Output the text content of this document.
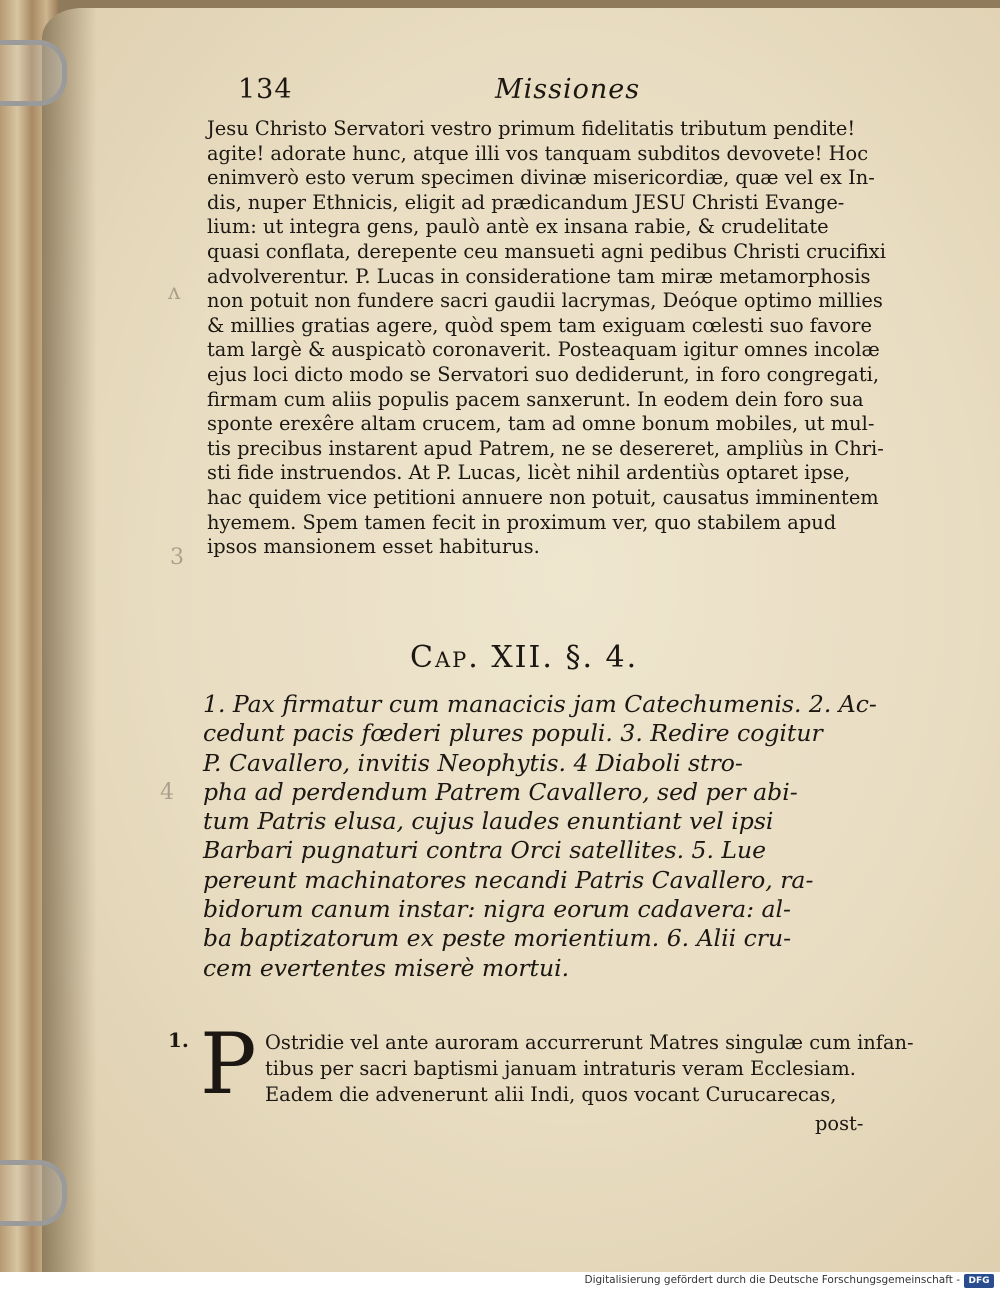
134	Missiones
Jesu Christo Servatori vestro primum fidelitatis tributum pendite!
agite! adorate hunc, atque illi vos tanquam subditos devovete! Hoc
enimverò esto verum specimen divinæ misericordiæ, quæ vel ex In-
dis, nuper Ethnicis, eligit ad prædicandum JESU Christi Evange-
lium: ut integra gens, paulò antè ex insana rabie, & crudelitate
quasi conflata, derepente ceu mansueti agni pedibus Christi crucifixi
advolverentur. P. Lucas in consideratione tam miræ metamorphosis
non potuit non fundere sacri gaudii lacrymas, Deóque optimo millies
& millies gratias agere, quòd spem tam exiguam cœlesti suo favore
tam largè & auspicatò coronaverit. Posteaquam igitur omnes incolæ
ejus loci dicto modo se Servatori suo dediderunt, in foro congregati,
firmam cum aliis populis pacem sanxerunt. In eodem dein foro sua
sponte erexêre altam crucem, tam ad omne bonum mobiles, ut mul-
tis precibus instarent apud Patrem, ne se desereret, ampliùs in Chri-
sti fide instruendos. At P. Lucas, licèt nihil ardentiùs optaret ipse,
hac quidem vice petitioni annuere non potuit, causatus imminentem
hyemem. Spem tamen fecit in proximum ver, quo stabilem apud
ipsos mansionem esset habiturus.
Cap. XII. §. 4.
1. Pax firmatur cum manacicis jam Catechumenis. 2. Ac-
cedunt pacis fœderi plures populi. 3. Redire cogitur
P. Cavallero, invitis Neophytis. 4 Diaboli stro-
pha ad perdendum Patrem Cavallero, sed per abi-
tum Patris elusa, cujus laudes enuntiant vel ipsi
Barbari pugnaturi contra Orci satellites. 5. Lue
pereunt machinatores necandi Patris Cavallero, ra-
bidorum canum instar: nigra eorum cadavera: al-
ba baptizatorum ex peste morientium. 6. Alii cru-
cem evertentes miserè mortui.
1. P Ostridie vel ante auroram accurrerunt Matres singulæ cum infan-
tibus per sacri baptismi januam intraturis veram Ecclesiam.
Eadem die advenerunt alii Indi, quos vocant Curucarecas,
post-
ʌ
3
4
Digitalisierung gefördert durch die Deutsche Forschungsgemeinschaft - DFG
